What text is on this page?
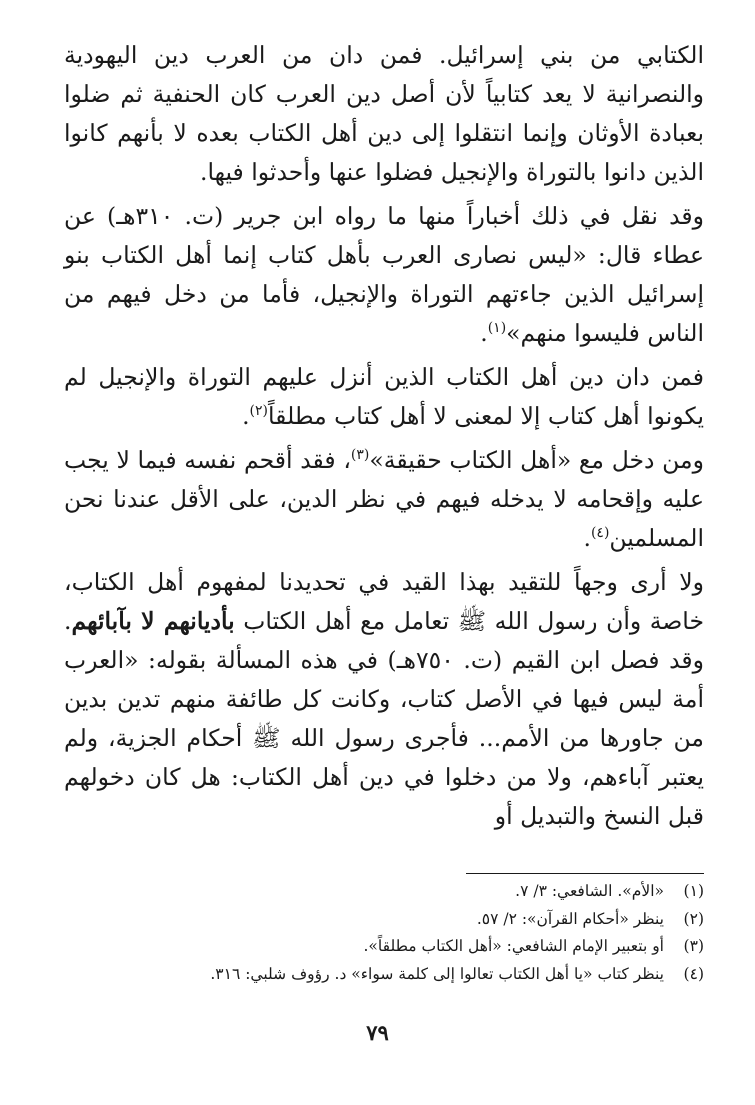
الكتابي من بني إسرائيل. فمن دان من العرب دين اليهودية والنصرانية لا يعد كتابياً لأن أصل دين العرب كان الحنفية ثم ضلوا بعبادة الأوثان وإنما انتقلوا إلى دين أهل الكتاب بعده لا بأنهم كانوا الذين دانوا بالتوراة والإنجيل فضلوا عنها وأحدثوا فيها.

وقد نقل في ذلك أخباراً منها ما رواه ابن جرير (ت. ٣١٠هـ) عن عطاء قال: «ليس نصارى العرب بأهل كتاب إنما أهل الكتاب بنو إسرائيل الذين جاءتهم التوراة والإنجيل، فأما من دخل فيهم من الناس فليسوا منهم»$^{(١)}$.

فمن دان دين أهل الكتاب الذين أنزل عليهم التوراة والإنجيل لم يكونوا أهل كتاب إلا لمعنى لا أهل كتاب مطلقاً$^{(٢)}$.

ومن دخل مع «أهل الكتاب حقيقة»$^{(٣)}$، فقد أقحم نفسه فيما لا يجب عليه وإقحامه لا يدخله فيهم في نظر الدين، على الأقل عندنا نحن المسلمين$^{(٤)}$.

ولا أرى وجهاً للتقيد بهذا القيد في تحديدنا لمفهوم أهل الكتاب، خاصة وأن رسول الله ﷺ تعامل مع أهل الكتاب بأديانهم لا بآبائهم. وقد فصل ابن القيم (ت. ٧٥٠هـ) في هذه المسألة بقوله: «العرب أمة ليس فيها في الأصل كتاب، وكانت كل طائفة منهم تدين بدين من جاورها من الأمم... فأجرى رسول الله ﷺ أحكام الجزية، ولم يعتبر آباءهم، ولا من دخلوا في دين أهل الكتاب: هل كان دخولهم قبل النسخ والتبديل أو

(١)
«الأم». الشافعي: ٣/ ٧.
(٢)
ينظر «أحكام القرآن»: ٢/ ٥٧.
(٣)
أو بتعبير الإمام الشافعي: «أهل الكتاب مطلقاً».
(٤)
ينظر كتاب «يا أهل الكتاب تعالوا إلى كلمة سواء» د. رؤوف شلبي: ٣١٦.
٧٩
